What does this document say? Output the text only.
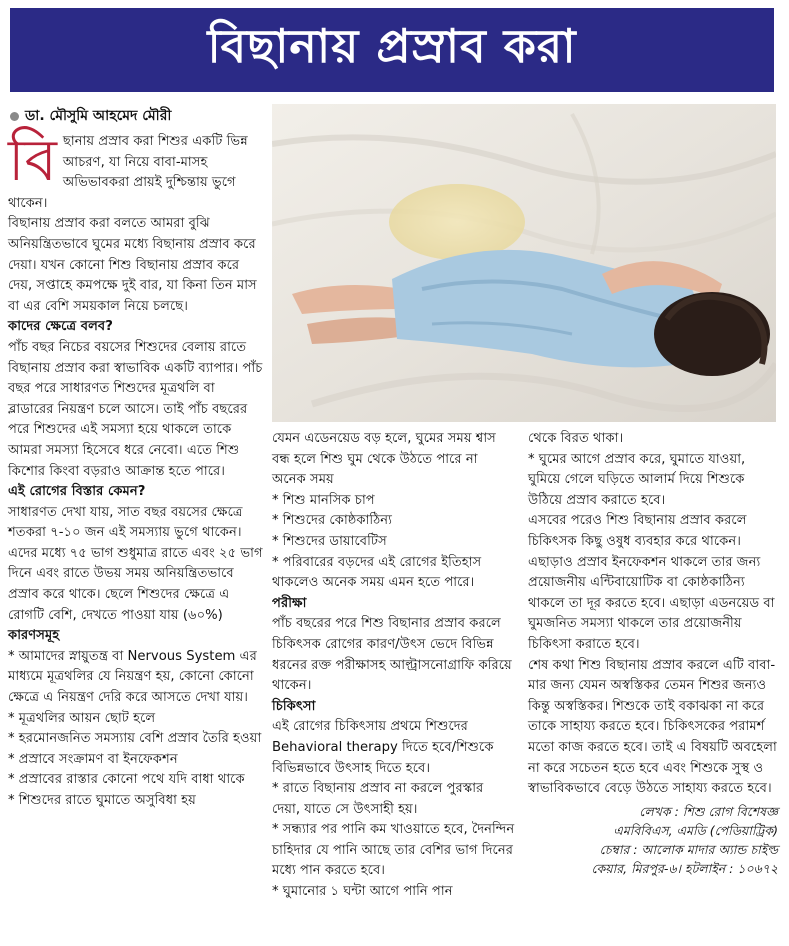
বিছানায় প্রস্রাব করা
ডা. মৌসুমি আহমেদ মৌরী
বি ছানায় প্রস্রাব করা শিশুর একটি ভিন্ন আচরণ, যা নিয়ে বাবা-মাসহ অভিভাবকরা প্রায়ই দুশ্চিন্তায় ভুগে থাকেন।

বিছানায় প্রস্রাব করা বলতে আমরা বুঝি অনিয়ন্ত্রিতভাবে ঘুমের মধ্যে বিছানায় প্রস্রাব করে দেয়া। যখন কোনো শিশু বিছানায় প্রস্রাব করে দেয়, সপ্তাহে কমপক্ষে দুই বার, যা কিনা তিন মাস বা এর বেশি সময়কাল নিয়ে চলছে।

কাদের ক্ষেত্রে বলব?

পাঁচ বছর নিচের বয়সের শিশুদের বেলায় রাতে বিছানায় প্রস্রাব করা স্বাভাবিক একটি ব্যাপার। পাঁচ বছর পরে সাধারণত শিশুদের মূত্রথলি বা ব্লাডারের নিয়ন্ত্রণ চলে আসে। তাই পাঁচ বছরের পরে শিশুদের এই সমস্যা হয়ে থাকলে তাকে আমরা সমস্যা হিসেবে ধরে নেবো। এতে শিশু কিশোর কিংবা বড়রাও আক্রান্ত হতে পারে।

এই রোগের বিস্তার কেমন?

সাধারণত দেখা যায়, সাত বছর বয়সের ক্ষেত্রে শতকরা ৭-১০ জন এই সমস্যায় ভুগে থাকেন। এদের মধ্যে ৭৫ ভাগ শুধুমাত্র রাতে এবং ২৫ ভাগ দিনে এবং রাতে উভয় সময় অনিয়ন্ত্রিতভাবে প্রস্রাব করে থাকে। ছেলে শিশুদের ক্ষেত্রে এ রোগটি বেশি, দেখতে পাওয়া যায় (৬০%)

কারণসমূহ

* আমাদের স্নায়ুতন্ত্র বা Nervous System এর মাধ্যমে মূত্রথলির যে নিয়ন্ত্রণ হয়, কোনো কোনো ক্ষেত্রে এ নিয়ন্ত্রণ দেরি করে আসতে দেখা যায়।

* মূত্রথলির আয়ন ছোট হলে

* হরমোনজনিত সমস্যায় বেশি প্রস্রাব তৈরি হওয়া

* প্রস্রাবে সংক্রামণ বা ইনফেকশন

* প্রস্রাবের রাস্তার কোনো পথে যদি বাধা থাকে

* শিশুদের রাতে ঘুমাতে অসুবিধা হয়

যেমন এডেনয়েড বড় হলে, ঘুমের সময় শ্বাস বন্ধ হলে শিশু ঘুম থেকে উঠতে পারে না অনেক সময়

* শিশু মানসিক চাপ

* শিশুদের কোষ্ঠকাঠিন্য

* শিশুদের ডায়াবেটিস

* পরিবারের বড়দের এই রোগের ইতিহাস থাকলেও অনেক সময় এমন হতে পারে।

পরীক্ষা

পাঁচ বছরের পরে শিশু বিছানার প্রস্রাব করলে চিকিৎসক রোগের কারণ/উৎস ভেদে বিভিন্ন ধরনের রক্ত পরীক্ষাসহ আল্ট্রাসনোগ্রাফি করিয়ে থাকেন।

চিকিৎসা

এই রোগের চিকিৎসায় প্রথমে শিশুদের Behavioral therapy দিতে হবে/শিশুকে বিভিন্নভাবে উৎসাহ দিতে হবে।

* রাতে বিছানায় প্রস্রাব না করলে পুরস্কার দেয়া, যাতে সে উৎসাহী হয়।

* সন্ধ্যার পর পানি কম খাওয়াতে হবে, দৈনন্দিন চাহিদার যে পানি আছে তার বেশির ভাগ দিনের মধ্যে পান করতে হবে।

* ঘুমানোর ১ ঘন্টা আগে পানি পান

থেকে বিরত থাকা।

* ঘুমের আগে প্রস্রাব করে, ঘুমাতে যাওয়া, ঘুমিয়ে গেলে ঘড়িতে আলার্ম দিয়ে শিশুকে উঠিয়ে প্রস্রাব করাতে হবে।

এসবের পরেও শিশু বিছানায় প্রস্রাব করলে চিকিৎসক কিছু ওষুধ ব্যবহার করে থাকেন। এছাড়াও প্রস্রাব ইনফেকশন থাকলে তার জন্য প্রয়োজনীয় এন্টিবায়োটিক বা কোষ্ঠকাঠিন্য থাকলে তা দূর করতে হবে। এছাড়া এডনয়েড বা ঘুমজনিত সমস্যা থাকলে তার প্রয়োজনীয় চিকিৎসা করাতে হবে।

শেষ কথা শিশু বিছানায় প্রস্রাব করলে এটি বাবা-মার জন্য যেমন অস্বস্তিকর তেমন শিশুর জন্যও কিন্তু অস্বস্তিকর। শিশুকে তাই বকাঝকা না করে তাকে সাহায্য করতে হবে। চিকিৎসকের পরামর্শ মতো কাজ করতে হবে। তাই এ বিষয়টি অবহেলা না করে সচেতন হতে হবে এবং শিশুকে সুস্থ ও স্বাভাবিকভাবে বেড়ে উঠতে সাহায্য করতে হবে।

লেখক : শিশু রোগ বিশেষজ্ঞ
এমবিবিএস, এমডি (পেডিয়াট্রিক)
চেম্বার : আলোক মাদার অ্যান্ড চাইল্ড
কেয়ার, মিরপুর-৬। হটলাইন : ১০৬৭২
